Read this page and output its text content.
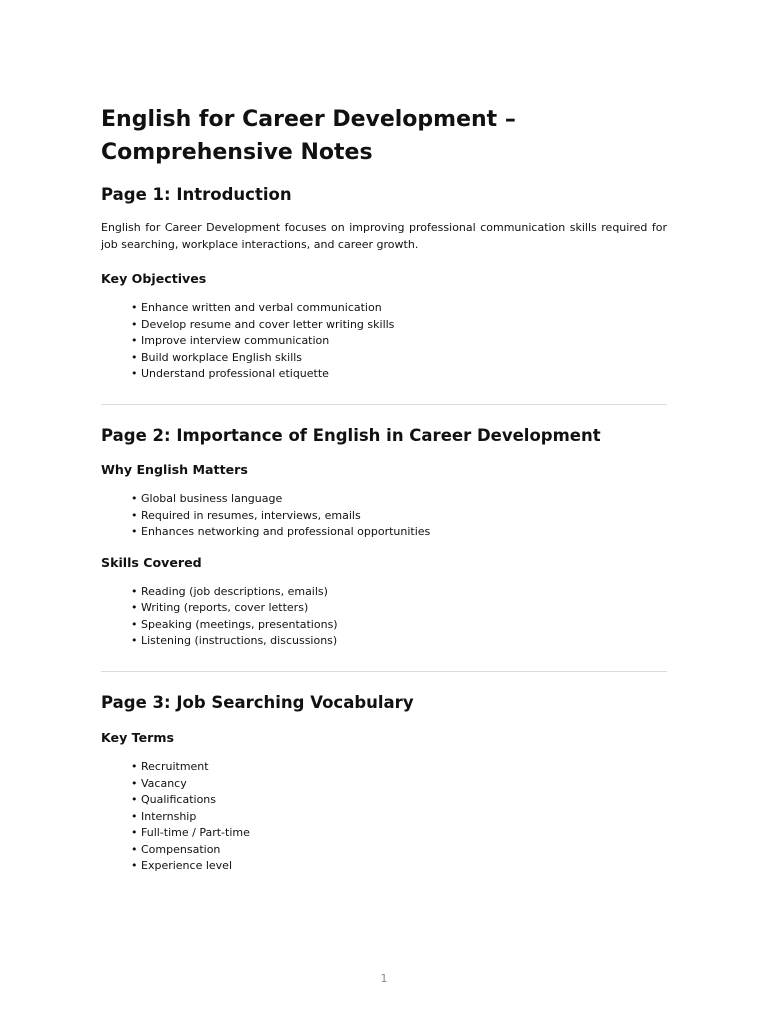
English for Career Development – Comprehensive Notes
Page 1: Introduction

English for Career Development focuses on improving professional communication skills required for job searching, workplace interactions, and career growth.

Key Objectives
• Enhance written and verbal communication
• Develop resume and cover letter writing skills
• Improve interview communication
• Build workplace English skills
• Understand professional etiquette
Page 2: Importance of English in Career Development
Why English Matters
• Global business language
• Required in resumes, interviews, emails
• Enhances networking and professional opportunities
Skills Covered
• Reading (job descriptions, emails)
• Writing (reports, cover letters)
• Speaking (meetings, presentations)
• Listening (instructions, discussions)
Page 3: Job Searching Vocabulary
Key Terms
• Recruitment
• Vacancy
• Qualifications
• Internship
• Full-time / Part-time
• Compensation
• Experience level
1
